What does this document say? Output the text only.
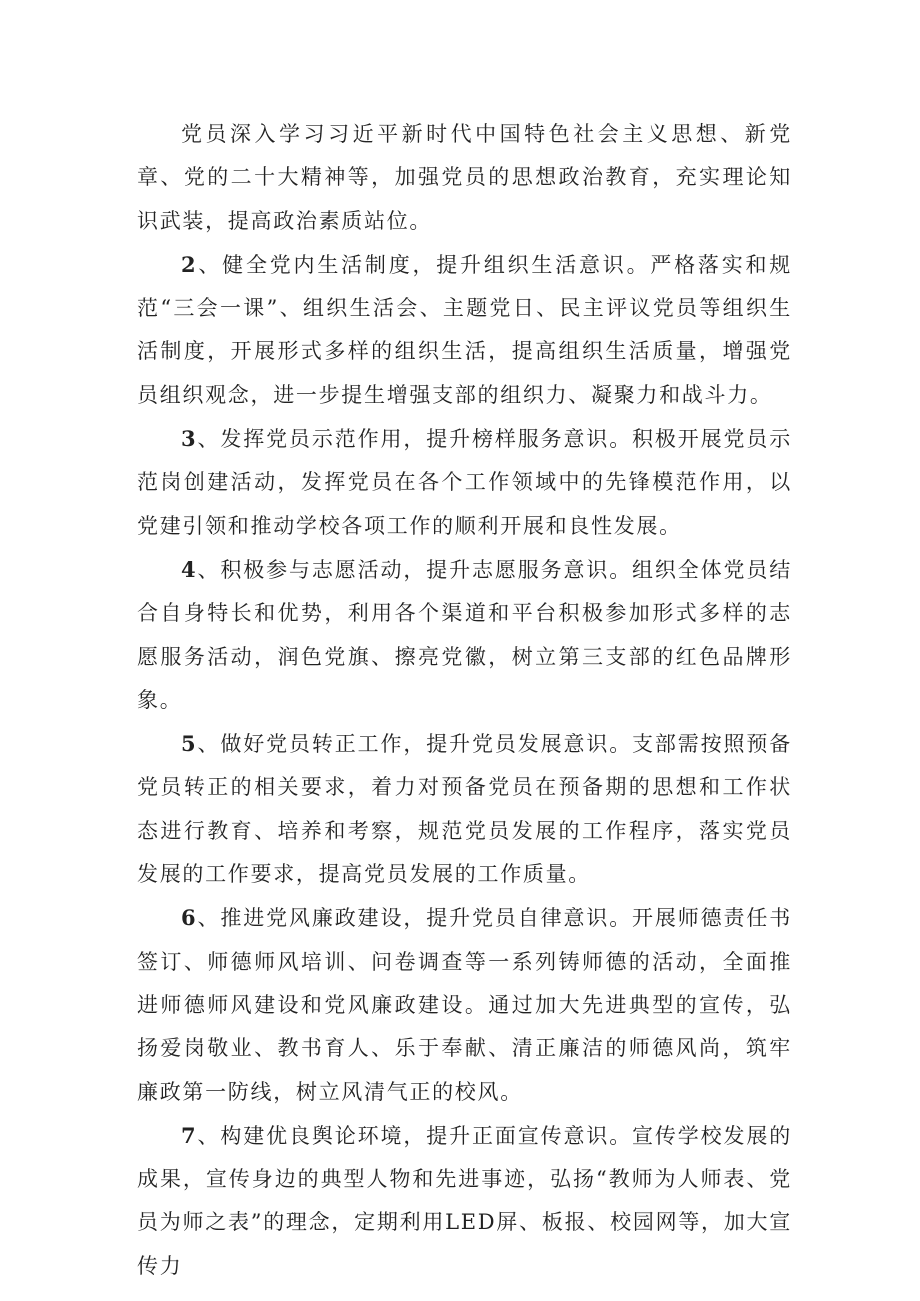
党员深入学习习近平新时代中国特色社会主义思想、新党章、党的二十大精神等，加强党员的思想政治教育，充实理论知识武装，提高政治素质站位。

2、健全党内生活制度，提升组织生活意识。严格落实和规范“三会一课”、组织生活会、主题党日、民主评议党员等组织生活制度，开展形式多样的组织生活，提高组织生活质量，增强党员组织观念，进一步提生增强支部的组织力、凝聚力和战斗力。

3、发挥党员示范作用，提升榜样服务意识。积极开展党员示范岗创建活动，发挥党员在各个工作领域中的先锋模范作用，以党建引领和推动学校各项工作的顺利开展和良性发展。

4、积极参与志愿活动，提升志愿服务意识。组织全体党员结合自身特长和优势，利用各个渠道和平台积极参加形式多样的志愿服务活动，润色党旗、擦亮党徽，树立第三支部的红色品牌形象。

5、做好党员转正工作，提升党员发展意识。支部需按照预备党员转正的相关要求，着力对预备党员在预备期的思想和工作状态进行教育、培养和考察，规范党员发展的工作程序，落实党员发展的工作要求，提高党员发展的工作质量。

6、推进党风廉政建设，提升党员自律意识。开展师德责任书签订、师德师风培训、问卷调查等一系列铸师德的活动，全面推进师德师风建设和党风廉政建设。通过加大先进典型的宣传，弘扬爱岗敬业、教书育人、乐于奉献、清正廉洁的师德风尚，筑牢廉政第一防线，树立风清气正的校风。

7、构建优良舆论环境，提升正面宣传意识。宣传学校发展的成果，宣传身边的典型人物和先进事迹，弘扬“教师为人师表、党员为师之表”的理念，定期利用LED屏、板报、校园网等，加大宣传力
